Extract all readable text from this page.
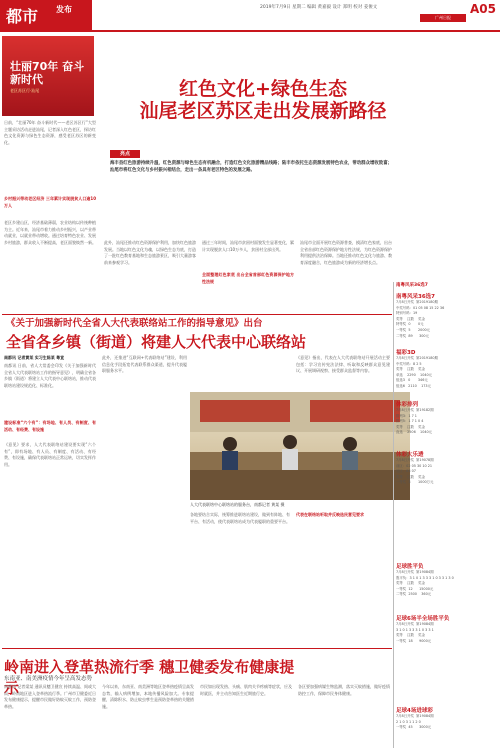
都市 发布	2019年7月9日 星期二 编辑 黄嘉毅 设计 郑明 校对 姜俊文
广州日报
A05
壮丽70年 奋斗新时代
老区苏区行·汕尾	红色文化+绿色生态
汕尾老区苏区走出发展新路径
日前，“壮丽70年 奋斗新时代——老区苏区行”大型主题采访活动走进汕尾，记者深入红色老区，探访红色文化资源与绿色生态资源，感受老区苏区的新变化。
乡村振兴带动老区经济 三年累计实现脱贫人口逾10万人
老区乡建山区，经济基础薄弱，农业结构以传统种植为主。近年来，汕尾市着力推动乡村振兴，以产业带动就业，以就业带动增收。通过培育特色农业、发展乡村旅游，群众收入不断提高，老区面貌焕然一新。
亮点
海丰县红色旅游持续升温，红色资源与绿色生态有机融合，打造红色文化旅游精品线路；陆丰市依托生态资源发展特色农业，带动群众增收致富；汕尾市将红色文化与乡村振兴相结合，走出一条具有老区特色的发展之路。
此外，汕尾还推动红色资源保护利用，加快红色旅游发展。当地以红色文化为魂，以绿色生态为底，打造了一批红色教育基地和生态旅游景区，吸引大量游客前来参观学习。
通过三年时间，汕尾市贫困村面貌发生显著变化，累计实现脱贫人口10万多人，贫困村全部出列。
全面整理红色家底 出台全省首部红色资源保护地方性法规
汕尾市全面开展红色资源普查，摸清红色家底，出台全省首部红色资源保护地方性法规，为红色资源保护利用提供法治保障。当地还推动红色文化与旅游、教育深度融合，红色旅游成为新的经济增长点。
《关于加强新时代全省人大代表联络站工作的指导意见》出台
全省各乡镇（街道）将建人大代表中心联络站
南都讯 记者黄某 实习生陈某 粤宣
南都讯 日前，省人大常委会印发《关于加强新时代全省人大代表联络站工作的指导意见》，明确全省各乡镇（街道）将建立人大代表中心联络站，推动代表联络站建设规范化、标准化。
建设标准“六个有”：有场地、有人员、有制度、有活动、有经费、有设施
《意见》要求，人大代表联络站建设要实现“六个有”，即有场地、有人员、有制度、有活动、有经费、有设施，确保代表联络站正常运转，切实发挥作用。
此外，还推进“互联网+代表联络站”建设，利用信息化手段拓宽代表联系群众渠道，提升代表履职服务水平。
人大代表联络中心联络站的服务台，南都记者 黄某 摄
各地要结合实际，统筹推进联络站建设，做到有阵地、有平台、有活动，使代表联络站成为代表履职的重要平台。
《意见》指出，代表在人大代表联络站开展活动主要包括：学习宣传宪法法律、听取和反映群众意见建议、开展调研视察、接受群众监督等内容。
代表在联络站听取并反映选民意见要求
岭南进入登革热流行季 穗卫健委发布健康提示
东南亚、南美洲疫情今年呈高发态势
南都讯 记者梁某 通讯员穗卫健宣 持续高温、间或大雨，岭南地区进入登革热流行季。广州市卫健委近日发布健康提示，提醒市民做好防蚊灭蚊工作，预防登革热。
今年以来，东南亚、南美洲等地区登革热疫情呈高发态势，输入病例增加，本地传播风险加大。专家提醒，清除积水、防止蚊虫孳生是预防登革热的关键措施。
市民如出现发热、头痛、肌肉关节疼痛等症状，应及时就医，并主动告知医生近期旅行史。
各区要加强病媒生物监测，落实灭蚊措施，做好疫情防控工作，保障市民身体健康。
南粤风采36选7
南粤风采36选7
7月8日开奖  第2019180期
中奖号码：01 05 08 15 22 36
特别号码：19
奖等    注数    奖金
特等奖  0       0元
一等奖  5       2000元
二等奖  89      300元
福彩3D
7月8日开奖  第2019180期
中奖号码：8 2 5
奖等    注数    奖金
单选    2290    1040元
组选3   0       346元
组选6   2110    173元
体彩排列
7月8日开奖  第19182期
排列3：1 7 1
排列5：1 7 1 0 4
奖等    注数    奖金
直选    2506    1040元
体彩大乐透
7月8日开奖  第19078期
前区：02 05 30 10 21
后区：03 07
奖等    注数    奖金
一等奖  3       1000万元
足球胜平负
7月8日开奖  第19084期
胜平负：3 1 0 1 3 3 3 1 0 3 3 1 3 0
奖等    注数    奖金
一等奖  12      15000元
二等奖  2500    360元
足球6场半全场胜平负
7月8日开奖  第19084期
3 1 0 1 3 3 3 1 0 3 3 1
奖等    注数    奖金
一等奖  18      9000元
足球4场进球彩
7月8日开奖  第19084期
2 1 0 3 1 1 2 0
一等奖  45      3000元
